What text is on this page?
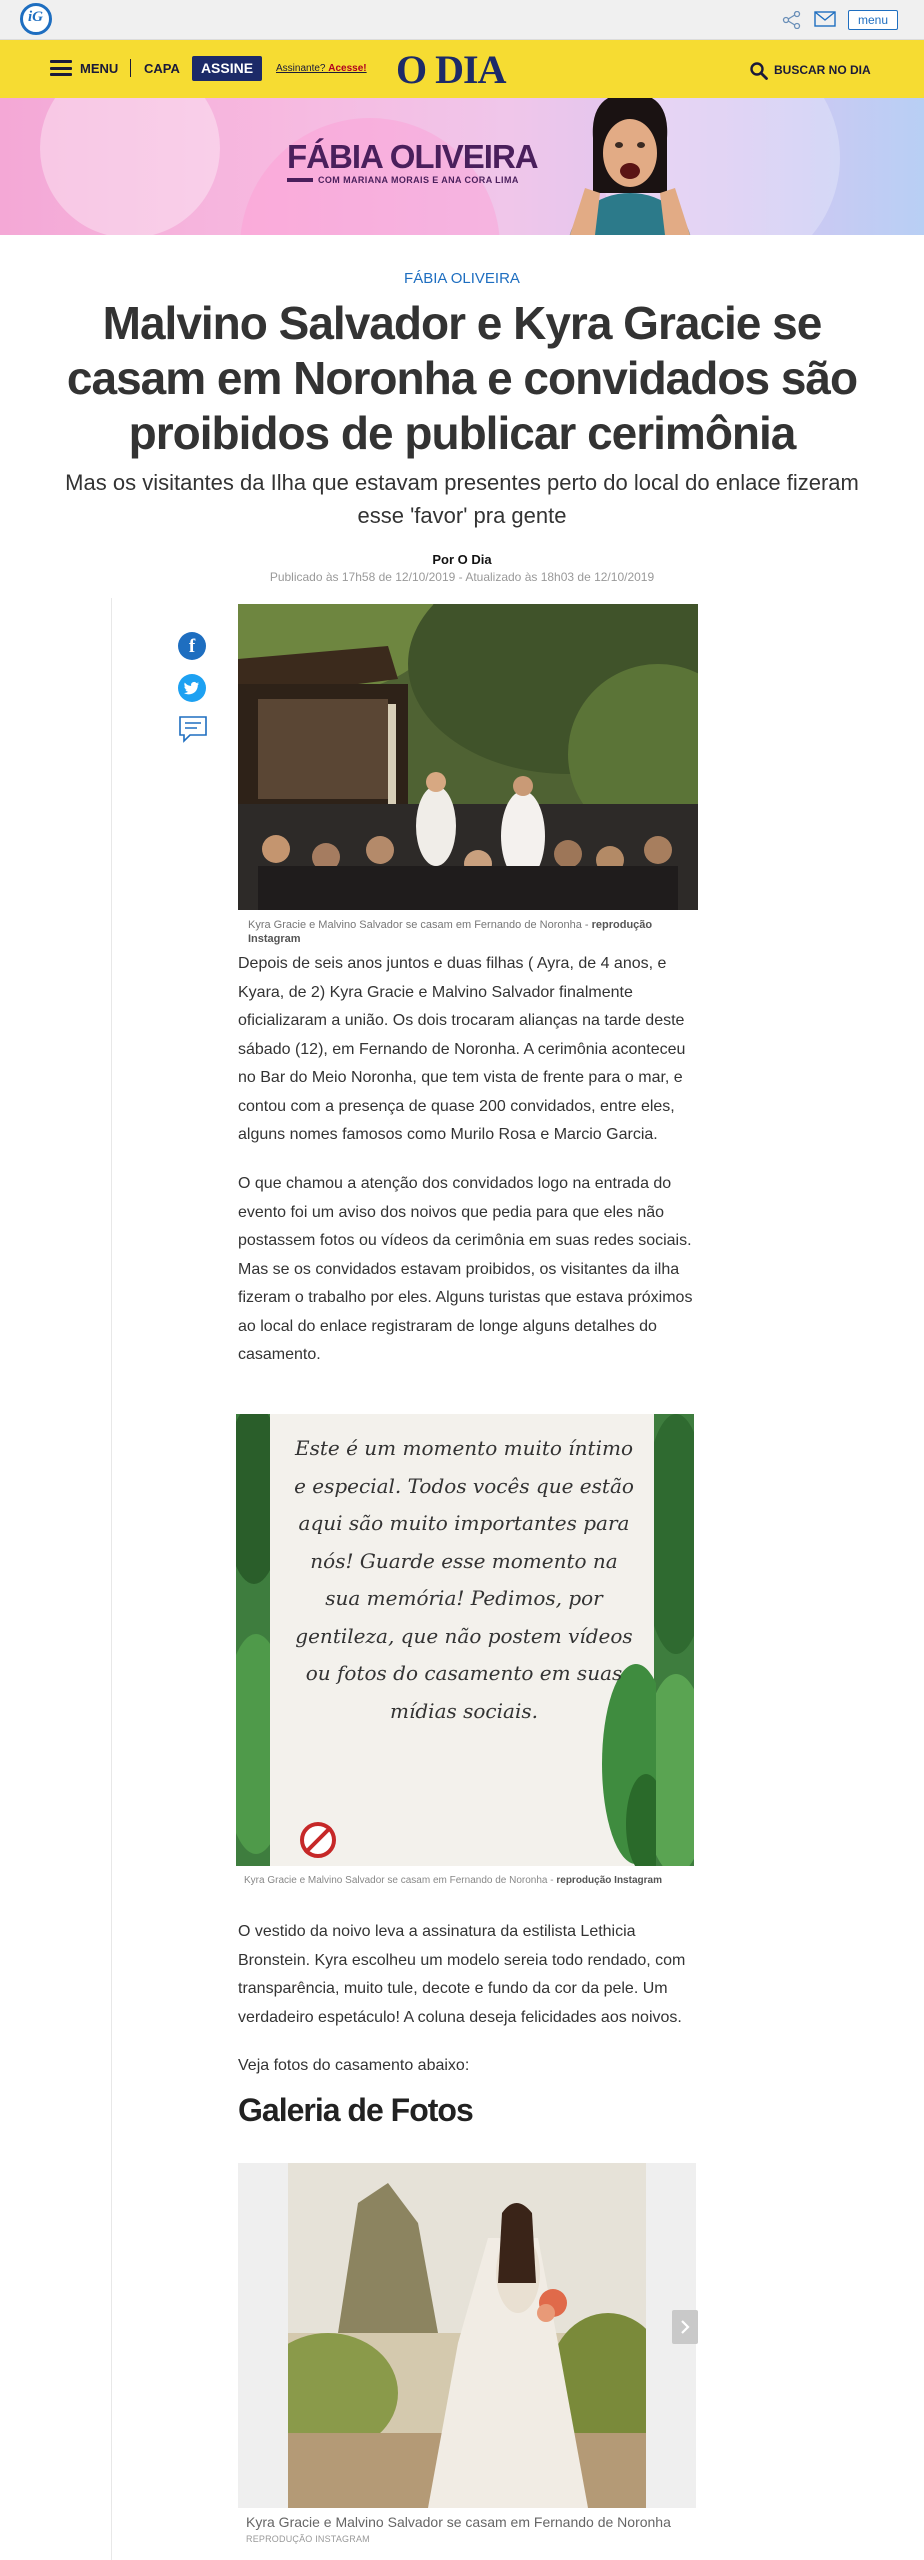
iG	menu
MENU CAPA	ASSINE	Assinante? Acesse! O DIA	BUSCAR NO DIA
FÁBIA OLIVEIRA
COM MARIANA MORAIS E ANA CORA LIMA
FÁBIA OLIVEIRA
Malvino Salvador e Kyra Gracie se casam em Noronha e convidados são proibidos de publicar cerimônia

Mas os visitantes da Ilha que estavam presentes perto do local do enlace fizeram esse 'favor' pra gente

Por O Dia
Publicado às 17h58 de 12/10/2019 - Atualizado às 18h03 de 12/10/2019
f
Kyra Gracie e Malvino Salvador se casam em Fernando de Noronha - reprodução Instagram

Depois de seis anos juntos e duas filhas ( Ayra, de 4 anos, e Kyara, de 2) Kyra Gracie e Malvino Salvador finalmente oficializaram a união. Os dois trocaram alianças na tarde deste sábado (12), em Fernando de Noronha. A cerimônia aconteceu no Bar do Meio Noronha, que tem vista de frente para o mar, e contou com a presença de quase 200 convidados, entre eles, alguns nomes famosos como Murilo Rosa e Marcio Garcia.

O que chamou a atenção dos convidados logo na entrada do evento foi um aviso dos noivos que pedia para que eles não postassem fotos ou vídeos da cerimônia em suas redes sociais. Mas se os convidados estavam proibidos, os visitantes da ilha fizeram o trabalho por eles. Alguns turistas que estava próximos ao local do enlace registraram de longe alguns detalhes do casamento.

Este é um momento muito íntimo e especial. Todos vocês que estão aqui são muito importantes para nós! Guarde esse momento na sua memória! Pedimos, por gentileza, que não postem vídeos ou fotos do casamento em suas mídias sociais.
Kyra Gracie e Malvino Salvador se casam em Fernando de Noronha - reprodução Instagram

O vestido da noivo leva a assinatura da estilista Lethicia Bronstein. Kyra escolheu um modelo sereia todo rendado, com transparência, muito tule, decote e fundo da cor da pele. Um verdadeiro espetáculo! A coluna deseja felicidades aos noivos.

Veja fotos do casamento abaixo:

Galeria de Fotos
Kyra Gracie e Malvino Salvador se casam em Fernando de Noronha
REPRODUÇÃO INSTAGRAM
